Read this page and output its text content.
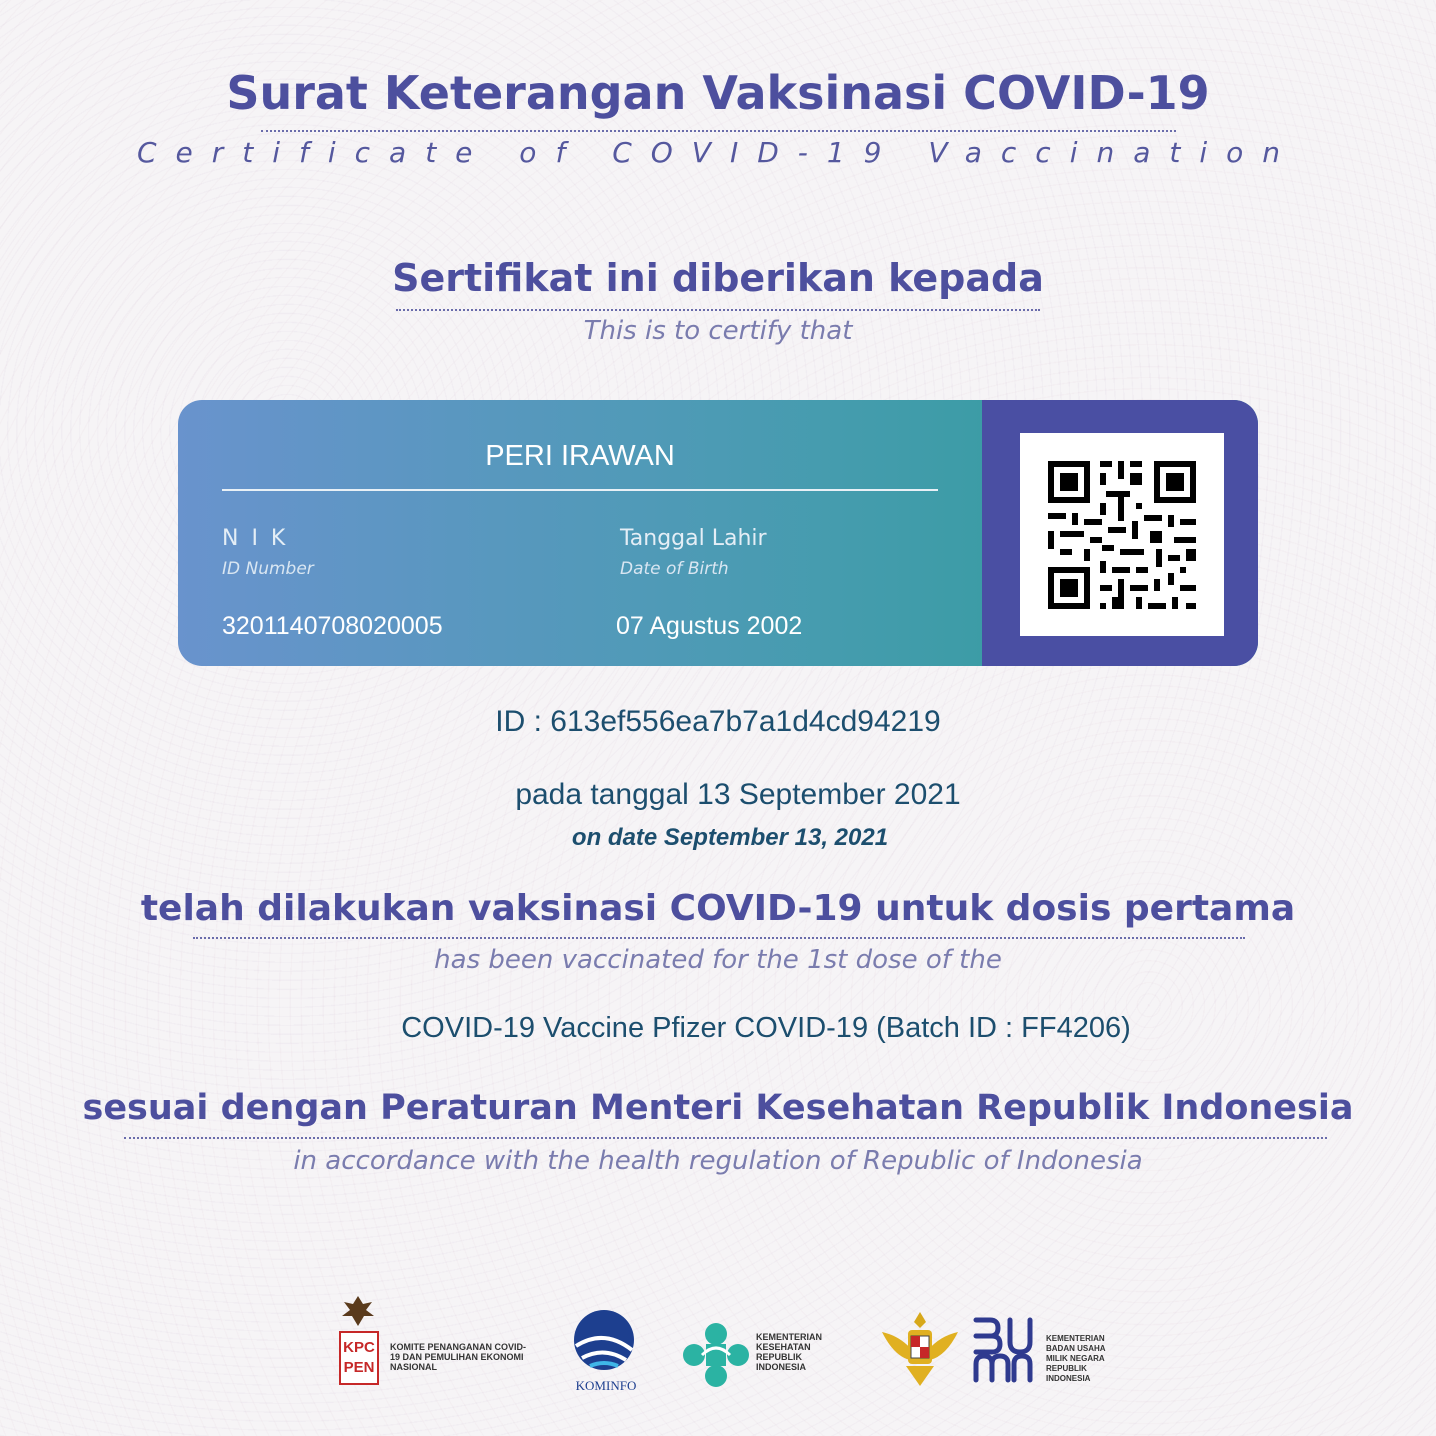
Surat Keterangan Vaksinasi COVID-19
Certificate of COVID-19 Vaccination
Sertifikat ini diberikan kepada
This is to certify that
PERI IRAWAN
N I K
ID Number
3201140708020005
Tanggal Lahir
Date of Birth
07 Agustus 2002
ID : 613ef556ea7b7a1d4cd94219
pada tanggal 13 September 2021
on date September 13, 2021
telah dilakukan vaksinasi COVID-19 untuk dosis pertama
has been vaccinated for the 1st dose of the
COVID-19 Vaccine Pfizer COVID-19 (Batch ID : FF4206)
sesuai dengan Peraturan Menteri Kesehatan Republik Indonesia
in accordance with the health regulation of Republic of Indonesia
KPC
PEN
KOMITE PENANGANAN COVID-19 DAN PEMULIHAN EKONOMI NASIONAL
KOMINFO
KEMENTERIAN KESEHATAN REPUBLIK INDONESIA
KEMENTERIAN BADAN USAHA MILIK NEGARA REPUBLIK INDONESIA
